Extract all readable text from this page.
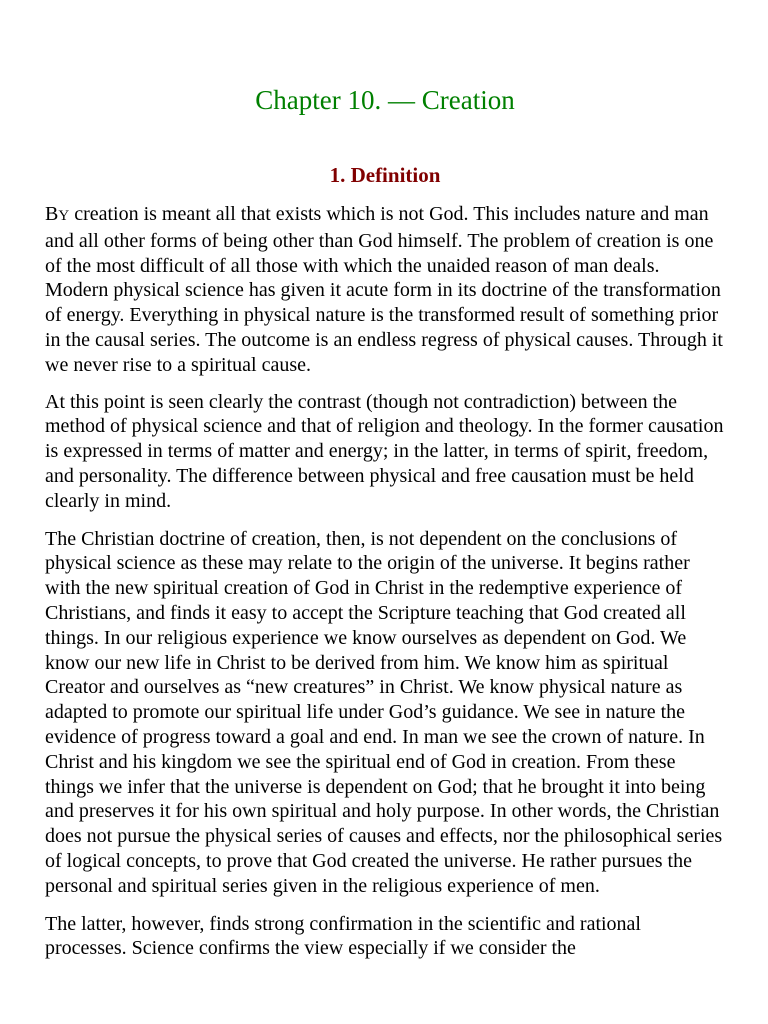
Chapter 10. — Creation
1. Definition

BY creation is meant all that exists which is not God. This includes nature and man and all other forms of being other than God himself. The problem of creation is one of the most difficult of all those with which the unaided reason of man deals. Modern physical science has given it acute form in its doctrine of the transformation of energy. Everything in physical nature is the transformed result of something prior in the causal series. The outcome is an endless regress of physical causes. Through it we never rise to a spiritual cause.

At this point is seen clearly the contrast (though not contradiction) between the method of physical science and that of religion and theology. In the former causation is expressed in terms of matter and energy; in the latter, in terms of spirit, freedom, and personality. The difference between physical and free causation must be held clearly in mind.

The Christian doctrine of creation, then, is not dependent on the conclusions of physical science as these may relate to the origin of the universe. It begins rather with the new spiritual creation of God in Christ in the redemptive experience of Christians, and finds it easy to accept the Scripture teaching that God created all things. In our religious experience we know ourselves as dependent on God. We know our new life in Christ to be derived from him. We know him as spiritual Creator and ourselves as “new creatures” in Christ. We know physical nature as adapted to promote our spiritual life under God’s guidance. We see in nature the evidence of progress toward a goal and end. In man we see the crown of nature. In Christ and his kingdom we see the spiritual end of God in creation. From these things we infer that the universe is dependent on God; that he brought it into being and preserves it for his own spiritual and holy purpose. In other words, the Christian does not pursue the physical series of causes and effects, nor the philosophical series of logical concepts, to prove that God created the universe. He rather pursues the personal and spiritual series given in the religious experience of men.

The latter, however, finds strong confirmation in the scientific and rational processes. Science confirms the view especially if we consider the
